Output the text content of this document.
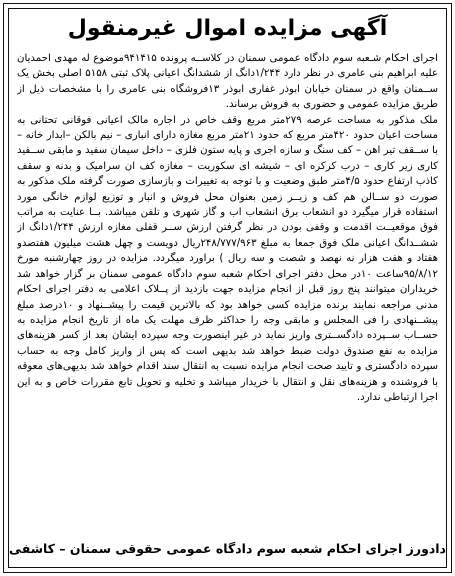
آگهی مزایده اموال غیرمنقول

اجرای احکام شـعبه سوم دادگاه عمومی سمنان در کلاســه پرونده ۹۴۱۴۱۵موضوع له مهدی احمدیان علیه ابراهیم بنی عامری در نظر دارد ۱/۲۴۴دانگ از ششدانگ اعیانی پلاک ثبتی ۵۱۵۸ اصلی بخش یک ســمنان واقع در سمنان خیابان ابوذر غفاری ابوذر ۱۳فروشگاه بنی عامری را با مشخصات ذیل از طریق مزایده عمومی و حضوری به فروش برساند.

ملک مذکور به مساحت عرصه ۲۷۹متر مربع وقف خاص در اجاره مالک اعیانی فوقانی تحتانی به مساحت اعیان حدود ۴۲۰متر مربع که حدود ۲۱متر مربع مغازه دارای انباری – نیم بالکن –ابدار خانه – با ســقف تیر اهن – کف سنگ و سازه اجری و پایه ستون فلزی – داخل سیمان سفید و مابقی ســفید کاری زیر کاری – درب کرکره ای – شیشه ای سکوریت – مغازه کف ان سرامیک و بدنه و سقف کاذب ارتفاع حدود ۴/۵متر طبق وضعیت و با توجه به تغییرات و بازسازی صورت گرفته ملک مذکور به صورت دو ســالن هم کف و زیــر زمین بعنوان محل فروش و انبار و توزیع لوازم خانگی مورد استفاده قرار میگیرد دو انشعاب برق انشعاب اب و گاز شهری و تلفن میباشد. بــا عنایت به مراتب فوق موقعیــت اقدمت و وقفی بودن در نظر گرفتن ارزش ســر قفلی مغازه ارزش ۱/۲۴۴دانگ از ششــدانگ اعیانی ملک فوق جمعا به مبلغ ۲۴۸/۷۷۷/۹۶۳ریال دویست و چهل هشت میلیون هفتصدو هفتاد و هفت هزار نه نهصد و شصت و سه ریال ) براورد میگردد. مزایده در روز چهارشنبه مورخ ۹۵/۸/۱۲ساعت ۱۰در محل دفتر اجرای احکام شعبه سوم دادگاه عمومی سمنان بر گزار خواهد شد خریداران میتوانند پنج روز قبل از انجام مزایده جهت بازدید از پــلاک اعلامی به دفتر اجرای احکام مدنی مراجعه نمایند برنده مزایده کسی خواهد بود که بالاترین قیمت را پیشــنهاد و ۱۰درصد مبلغ پیشــنهادی را فی المجلس و مابقی وجه را حداکثر ظرف مهلت یک ماه از تاریخ انجام مزایده به حســاب ســپرده دادگســتری واریز نماید در غیر اینصورت وجه سپرده ایشان بعد از کسر هزینه‌های مزایده به نفع صندوق دولت ضبط خواهد شد بدیهی است که پس از واریز کامل وجه به حساب سپرده دادگستری و تایید صحت انجام مزایده نسبت به انتقال سند اقدام خواهد شد بدیهی‌های معوقه با فروشنده و هزینه‌های نقل و انتقال با خریدار میباشد و تخلیه و تحویل تابع مقررات خاص و به این اجرا ارتباطی ندارد.

دادورز اجرای احکام شعبه سوم دادگاه عمومی حقوقی سمنان – کاشفی
